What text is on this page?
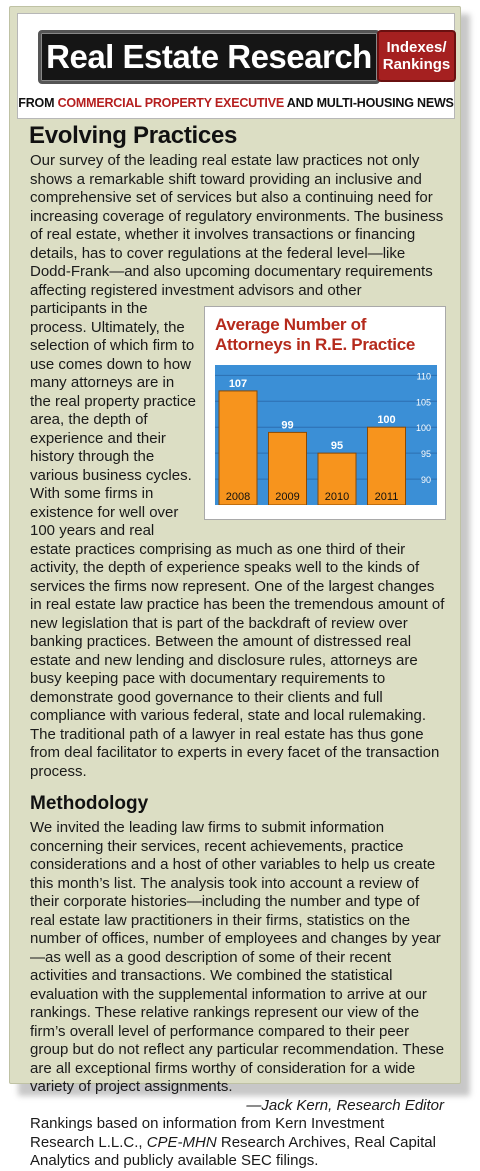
Real Estate Research Indexes/
Rankings
FROM COMMERCIAL PROPERTY EXECUTIVE AND MULTI-HOUSING NEWS
Evolving Practices

Our survey of the leading real estate law practices not only shows a remarkable shift toward providing an inclusive and comprehensive set of services but also a continuing need for increasing coverage of regulatory environments. The business of real estate, whether it involves transactions or financing details, has to cover regulations at the federal level—like Dodd-Frank—and also upcoming documentary requirements affecting registered investment advisors and other

Average Number of Attorneys in R.E. Practice
90
95
100
105
110
107
2008
99
2009
95
2010
100
2011

participants in the process. Ultimately, the selection of which firm to use comes down to how many attorneys are in the real property practice area, the depth of experience and their history through the various business cycles. With some firms in existence for well over 100 years and real estate practices comprising as much as one third of their activity, the depth of experience speaks well to the kinds of services the firms now represent. One of the largest changes in real estate law practice has been the tremendous amount of new legislation that is part of the backdraft of review over banking practices. Between the amount of distressed real estate and new lending and disclosure rules, attorneys are busy keeping pace with documentary requirements to demonstrate good governance to their clients and full compliance with various federal, state and local rulemaking. The traditional path of a lawyer in real estate has thus gone from deal facilitator to experts in every facet of the transaction process.

Methodology

We invited the leading law firms to submit information concerning their services, recent achievements, practice considerations and a host of other variables to help us create this month’s list. The analysis took into account a review of their corporate histories—including the number and type of real estate law practitioners in their firms, statistics on the number of offices, number of employees and changes by year—as well as a good description of some of their recent activities and transactions. We combined the statistical evaluation with the supplemental information to arrive at our rankings. These relative rankings represent our view of the firm’s overall level of performance compared to their peer group but do not reflect any particular recommendation. These are all exceptional firms worthy of consideration for a wide variety of project assignments.

—Jack Kern, Research Editor

Rankings based on information from Kern Investment Research L.L.C., CPE-MHN Research Archives, Real Capital Analytics and publicly available SEC filings.
